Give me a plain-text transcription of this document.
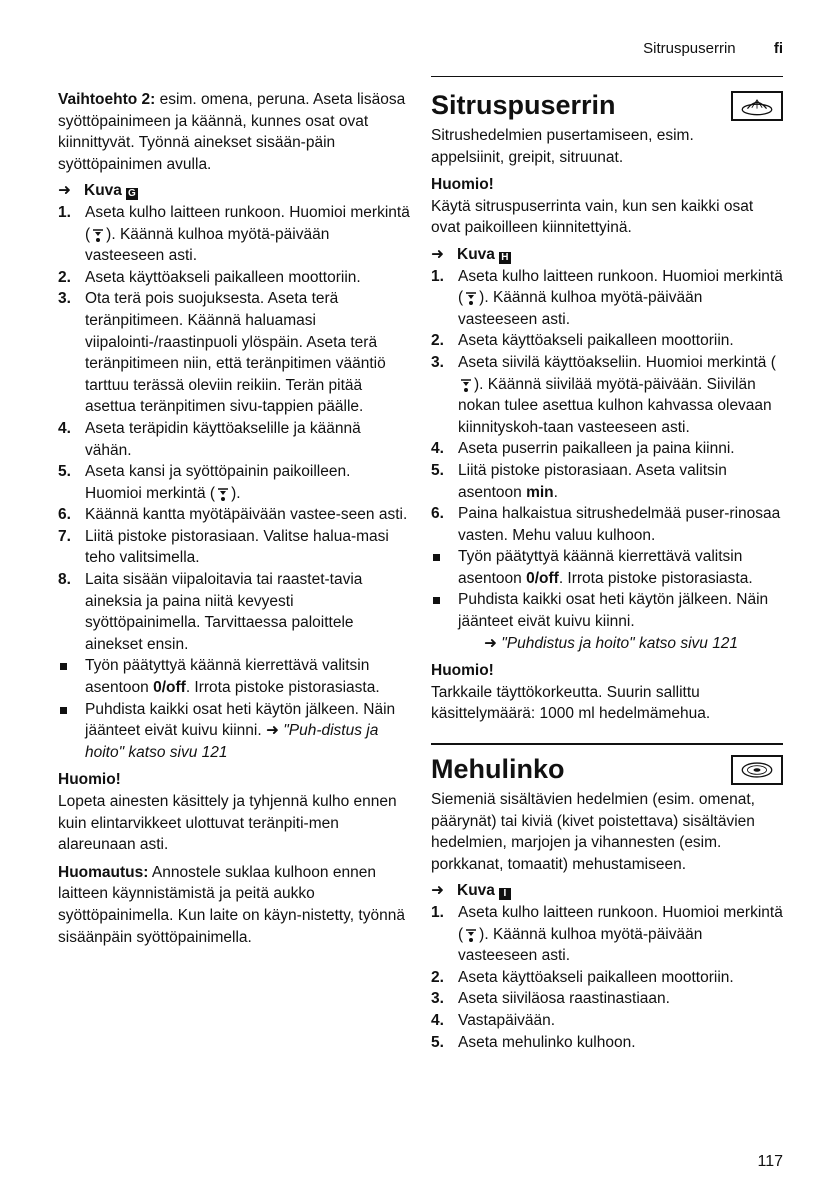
Sitruspuserrin	fi

Vaihtoehto 2: esim. omena, peruna. Aseta lisäosa syöttöpainimeen ja käännä, kunnes osat ovat kiinnittyvät. Työnnä ainekset sisään-päin syöttöpainimen avulla.

➜ Kuva G

1. Aseta kulho laitteen runkoon. Huomioi merkintä ( ). Käännä kulhoa myötä-päivään vasteeseen asti.
2. Aseta käyttöakseli paikalleen moottoriin.
3. Ota terä pois suojuksesta. Aseta terä teränpitimeen. Käännä haluamasi viipalointi-/raastinpuoli ylöspäin. Aseta terä teränpitimeen niin, että teränpitimen vääntiö tarttuu terässä oleviin reikiin. Terän pitää asettua teränpitimen sivu-tappien päälle.
4. Aseta teräpidin käyttöakselille ja käännä vähän.
5. Aseta kansi ja syöttöpainin paikoilleen. Huomioi merkintä ( ).
6. Käännä kantta myötäpäivään vastee-seen asti.
7. Liitä pistoke pistorasiaan. Valitse halua-masi teho valitsimella.
8. Laita sisään viipaloitavia tai raastet-tavia aineksia ja paina niitä kevyesti syöttöpainimella. Tarvittaessa paloittele ainekset ensin.
Työn päätyttyä käännä kierrettävä valitsin asentoon 0/off. Irrota pistoke pistorasiasta.
Puhdista kaikki osat heti käytön jälkeen. Näin jäänteet eivät kuivu kiinni. ➜ "Puh-distus ja hoito" katso sivu 121

Huomio!

Lopeta ainesten käsittely ja tyhjennä kulho ennen kuin elintarvikkeet ulottuvat teränpiti-men alareunaan asti.

Huomautus: Annostele suklaa kulhoon ennen laitteen käynnistämistä ja peitä aukko syöttöpainimella. Kun laite on käyn-nistetty, työnnä sisäänpäin syöttöpainimella.

Sitruspuserrin

Sitrushedelmien pusertamiseen, esim. appelsiinit, greipit, sitruunat.

Huomio!

Käytä sitruspuserrinta vain, kun sen kaikki osat ovat paikoilleen kiinnitettyinä.

➜ Kuva H

1. Aseta kulho laitteen runkoon. Huomioi merkintä ( ). Käännä kulhoa myötä-päivään vasteeseen asti.
2. Aseta käyttöakseli paikalleen moottoriin.
3. Aseta siivilä käyttöakseliin. Huomioi merkintä (). Käännä siivilää myötä-päivään. Siivilän nokan tulee asettua kulhon kahvassa olevaan kiinnityskoh-taan vasteeseen asti.
4. Aseta puserrin paikalleen ja paina kiinni.
5. Liitä pistoke pistorasiaan. Aseta valitsin asentoon min.
6. Paina halkaistua sitrushedelmää puser-rinosaa vasten. Mehu valuu kulhoon.
Työn päätyttyä käännä kierrettävä valitsin asentoon 0/off. Irrota pistoke pistorasiasta.
Puhdista kaikki osat heti käytön jälkeen. Näin jäänteet eivät kuivu kiinni.
➜ "Puhdistus ja hoito" katso sivu 121

Huomio!

Tarkkaile täyttökorkeutta. Suurin sallittu käsittelymäärä: 1000 ml hedelmämehua.

Mehulinko

Siemeniä sisältävien hedelmien (esim. omenat, päärynät) tai kiviä (kivet poistettava) sisältävien hedelmien, marjojen ja vihannesten (esim. porkkanat, tomaatit) mehustamiseen.

➜ Kuva I

1. Aseta kulho laitteen runkoon. Huomioi merkintä ( ). Käännä kulhoa myötä-päivään vasteeseen asti.
2. Aseta käyttöakseli paikalleen moottoriin.
3. Aseta siiviläosa raastinastiaan.
4. Vastapäivään.
5. Aseta mehulinko kulhoon.
117
